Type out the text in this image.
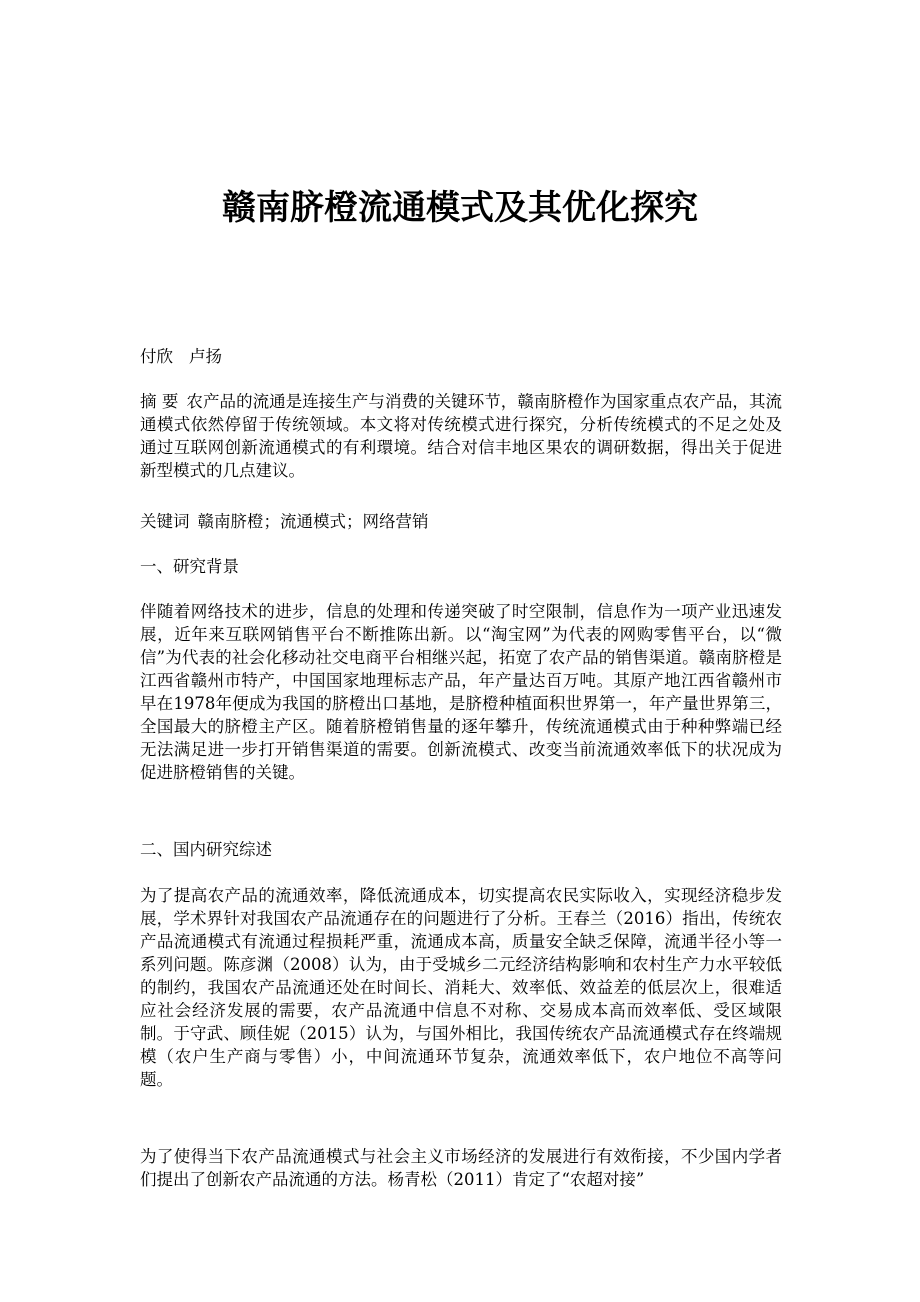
赣南脐橙流通模式及其优化探究

付欣 卢扬

摘 要 农产品的流通是连接生产与消费的关键环节，赣南脐橙作为国家重点农产品，其流通模式依然停留于传统领域。本文将对传统模式进行探究，分析传统模式的不足之处及通过互联网创新流通模式的有利環境。结合对信丰地区果农的调研数据，得出关于促进新型模式的几点建议。

关键词 赣南脐橙；流通模式；网络营销

一、研究背景

伴随着网络技术的进步，信息的处理和传递突破了时空限制，信息作为一项产业迅速发展，近年来互联网销售平台不断推陈出新。以“淘宝网”为代表的网购零售平台，以“微信”为代表的社会化移动社交电商平台相继兴起，拓宽了农产品的销售渠道。赣南脐橙是江西省赣州市特产，中国国家地理标志产品，年产量达百万吨。其原产地江西省赣州市早在1978年便成为我国的脐橙出口基地，是脐橙种植面积世界第一，年产量世界第三，全国最大的脐橙主产区。随着脐橙销售量的逐年攀升，传统流通模式由于种种弊端已经无法满足进一步打开销售渠道的需要。创新流模式、改变当前流通效率低下的状况成为促进脐橙销售的关键。

二、国内研究综述

为了提高农产品的流通效率，降低流通成本，切实提高农民实际收入，实现经济稳步发展，学术界针对我国农产品流通存在的问题进行了分析。王春兰（2016）指出，传统农产品流通模式有流通过程损耗严重，流通成本高，质量安全缺乏保障，流通半径小等一系列问题。陈彦渊（2008）认为，由于受城乡二元经济结构影响和农村生产力水平较低的制约，我国农产品流通还处在时间长、消耗大、效率低、效益差的低层次上，很难适应社会经济发展的需要，农产品流通中信息不对称、交易成本高而效率低、受区域限制。于守武、顾佳妮（2015）认为，与国外相比，我国传统农产品流通模式存在终端规模（农户生产商与零售）小，中间流通环节复杂，流通效率低下，农户地位不高等问题。

为了使得当下农产品流通模式与社会主义市场经济的发展进行有效衔接，不少国内学者们提出了创新农产品流通的方法。杨青松（2011）肯定了“农超对接”
